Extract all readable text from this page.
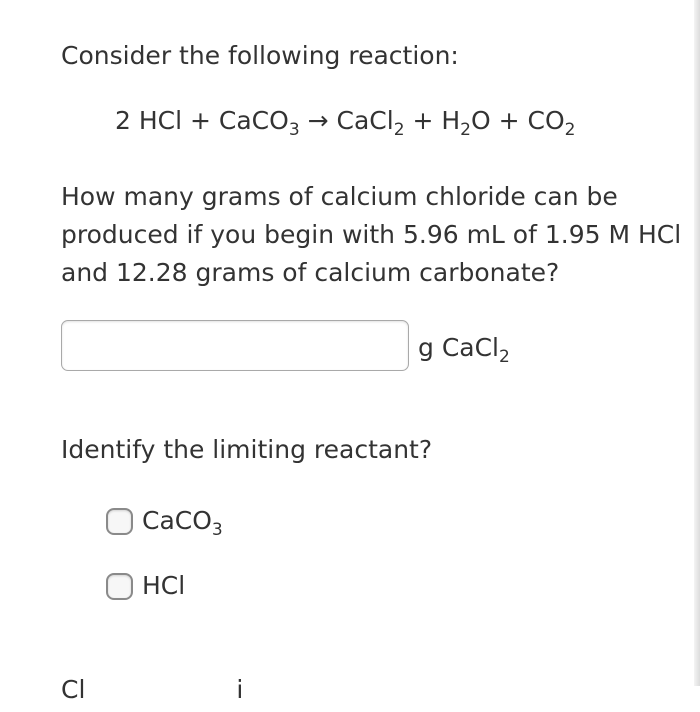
Consider the following reaction:

2 HCl + CaCO$_3$ → CaCl$_2$ + $H_2O + CO_2$

How many grams of calcium chloride can be produced if you begin with 5.96 mL of 1.95 M HCl and 12.28 grams of calcium carbonate?

g CaCl$_2$

Identify the limiting reactant?

CaCO$_3$
HCl
Cl                   i
